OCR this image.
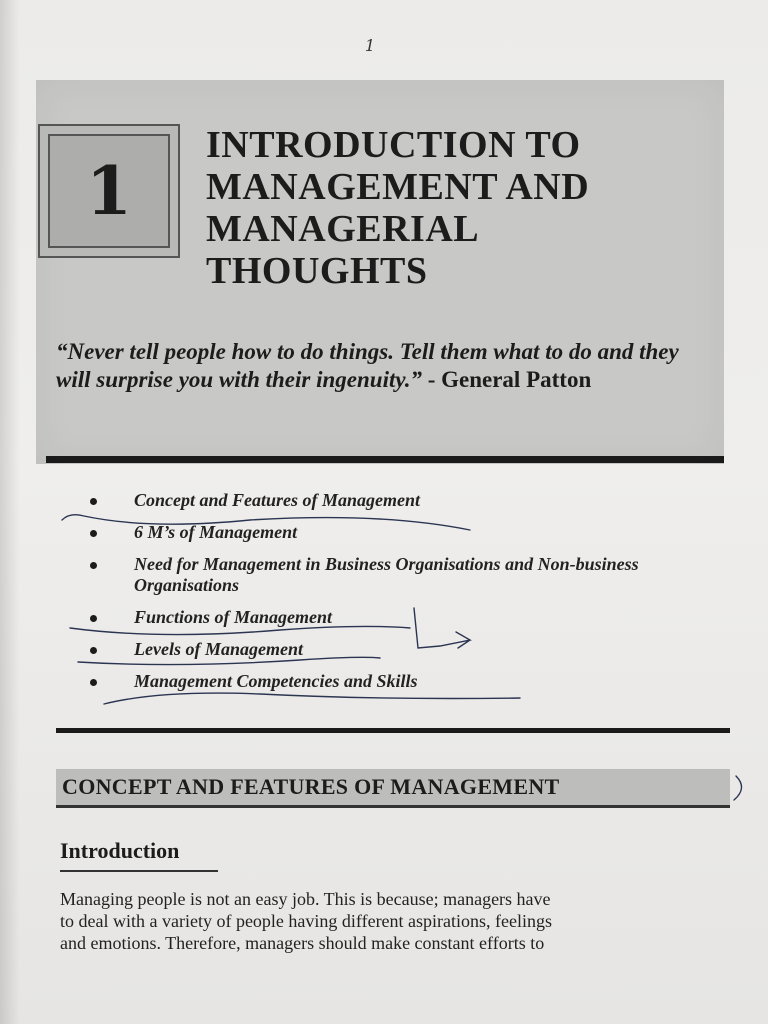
1
1
INTRODUCTION TO
MANAGEMENT AND
MANAGERIAL
THOUGHTS

“Never tell people how to do things. Tell them what to do and they will surprise you with their ingenuity.” - General Patton

Concept and Features of Management
6 M’s of Management
Need for Management in Business Organisations and Non-business Organisations
Functions of Management
Levels of Management
Management Competencies and Skills
CONCEPT AND FEATURES OF MANAGEMENT
Introduction

Managing people is not an easy job. This is because; managers have
to deal with a variety of people having different aspirations, feelings
and emotions. Therefore, managers should make constant efforts to
